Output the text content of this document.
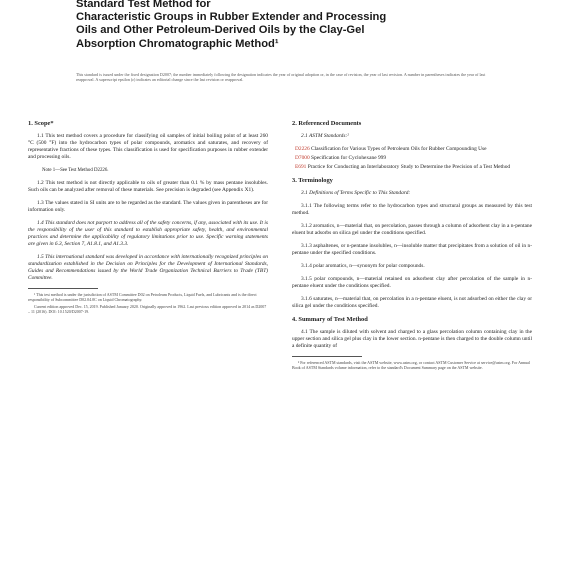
Standard Test Method for
Characteristic Groups in Rubber Extender and Processing
Oils and Other Petroleum-Derived Oils by the Clay-Gel
Absorption Chromatographic Method¹
This standard is issued under the fixed designation D2007; the number immediately following the designation indicates the year of original adoption or, in the case of revision, the year of last revision. A number in parentheses indicates the year of last reapproval. A superscript epsilon (ε) indicates an editorial change since the last revision or reapproval.
1. Scope*
1.1 This test method covers a procedure for classifying oil samples of initial boiling point of at least 260 °C (500 °F) into the hydrocarbon types of polar compounds, aromatics and saturates, and recovery of representative fractions of these types. This classification is used for specification purposes in rubber extender and processing oils.
Note 1—See Test Method D2226.
1.2 This test method is not directly applicable to oils of greater than 0.1 % by mass pentane insolubles. Such oils can be analyzed after removal of these materials. See precision is degraded (see Appendix X1).
1.3 The values stated in SI units are to be regarded as the standard. The values given in parentheses are for information only.
1.4 This standard does not purport to address all of the safety concerns, if any, associated with its use. It is the responsibility of the user of this standard to establish appropriate safety, health, and environmental practices and determine the applicability of regulatory limitations prior to use. Specific warning statements are given in 6.3, Section 7, A1.8.1, and A1.3.3.
1.5 This international standard was developed in accordance with internationally recognized principles on standardization established in the Decision on Principles for the Development of International Standards, Guides and Recommendations issued by the World Trade Organization Technical Barriers to Trade (TBT) Committee.
¹ This test method is under the jurisdiction of ASTM Committee D02 on Petroleum Products, Liquid Fuels, and Lubricants and is the direct responsibility of Subcommittee D02.04.0C on Liquid Chromatography.
Current edition approved Dec. 15, 2019. Published January 2020. Originally approved in 1962. Last previous edition approved in 2014 as D2007 – 11 (2016). DOI: 10.1520/D2007-19.
2. Referenced Documents
2.1 ASTM Standards:²
D2226 Classification for Various Types of Petroleum Oils for Rubber Compounding Use
D7000 Specification for Cyclohexane 999
E691 Practice for Conducting an Interlaboratory Study to Determine the Precision of a Test Method
3. Terminology
3.1 Definitions of Terms Specific to This Standard:
3.1.1 The following terms refer to the hydrocarbon types and structural groups as measured by this test method.
3.1.2 aromatics, n—material that, on percolation, passes through a column of adsorbent clay in a n-pentane eluent but adsorbs on silica gel under the conditions specified.
3.1.3 asphaltenes, or n-pentane insolubles, n—insoluble matter that precipitates from a solution of oil in n-pentane under the specified conditions.
3.1.4 polar aromatics, n—synonym for polar compounds.
3.1.5 polar compounds, n—material retained on adsorbent clay after percolation of the sample in n-pentane eluent under the conditions specified.
3.1.6 saturates, n—material that, on percolation in a n-pentane eluent, is not adsorbed on either the clay or silica gel under the conditions specified.
4. Summary of Test Method
4.1 The sample is diluted with solvent and charged to a glass percolation column containing clay in the upper section and silica gel plus clay in the lower section. n-pentane is then charged to the double column until a definite quantity of
² For referenced ASTM standards, visit the ASTM website, www.astm.org, or contact ASTM Customer Service at service@astm.org. For Annual Book of ASTM Standards volume information, refer to the standard's Document Summary page on the ASTM website.
